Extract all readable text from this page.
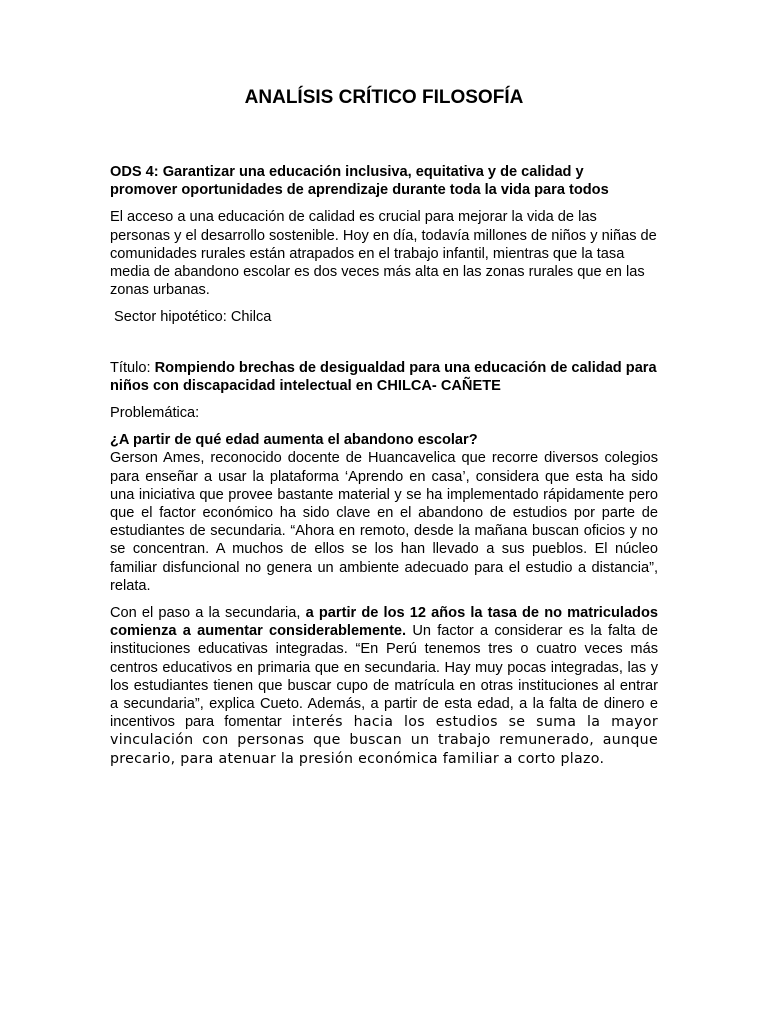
ANALÍSIS CRÍTICO FILOSOFÍA

ODS 4: Garantizar una educación inclusiva, equitativa y de calidad y
promover oportunidades de aprendizaje durante toda la vida para todos

El acceso a una educación de calidad es crucial para mejorar la vida de las personas y el desarrollo sostenible. Hoy en día, todavía millones de niños y niñas de comunidades rurales están atrapados en el trabajo infantil, mientras que la tasa media de abandono escolar es dos veces más alta en las zonas rurales que en las zonas urbanas.

Sector hipotético: Chilca

Título: Rompiendo brechas de desigualdad para una educación de calidad para niños con discapacidad intelectual en CHILCA- CAÑETE

Problemática:

¿A partir de qué edad aumenta el abandono escolar?

Gerson Ames, reconocido docente de Huancavelica que recorre diversos colegios para enseñar a usar la plataforma ‘Aprendo en casa’, considera que esta ha sido una iniciativa que provee bastante material y se ha implementado rápidamente pero que el factor económico ha sido clave en el abandono de estudios por parte de estudiantes de secundaria. “Ahora en remoto, desde la mañana buscan oficios y no se concentran. A muchos de ellos se los han llevado a sus pueblos. El núcleo familiar disfuncional no genera un ambiente adecuado para el estudio a distancia”, relata.

Con el paso a la secundaria, a partir de los 12 años la tasa de no matriculados comienza a aumentar considerablemente. Un factor a considerar es la falta de instituciones educativas integradas. “En Perú tenemos tres o cuatro veces más centros educativos en primaria que en secundaria. Hay muy pocas integradas, las y los estudiantes tienen que buscar cupo de matrícula en otras instituciones al entrar a secundaria”, explica Cueto. Además, a partir de esta edad, a la falta de dinero e incentivos para fomentar interés hacia los estudios se suma la mayor vinculación con personas que buscan un trabajo remunerado, aunque precario, para atenuar la presión económica familiar a corto plazo.
